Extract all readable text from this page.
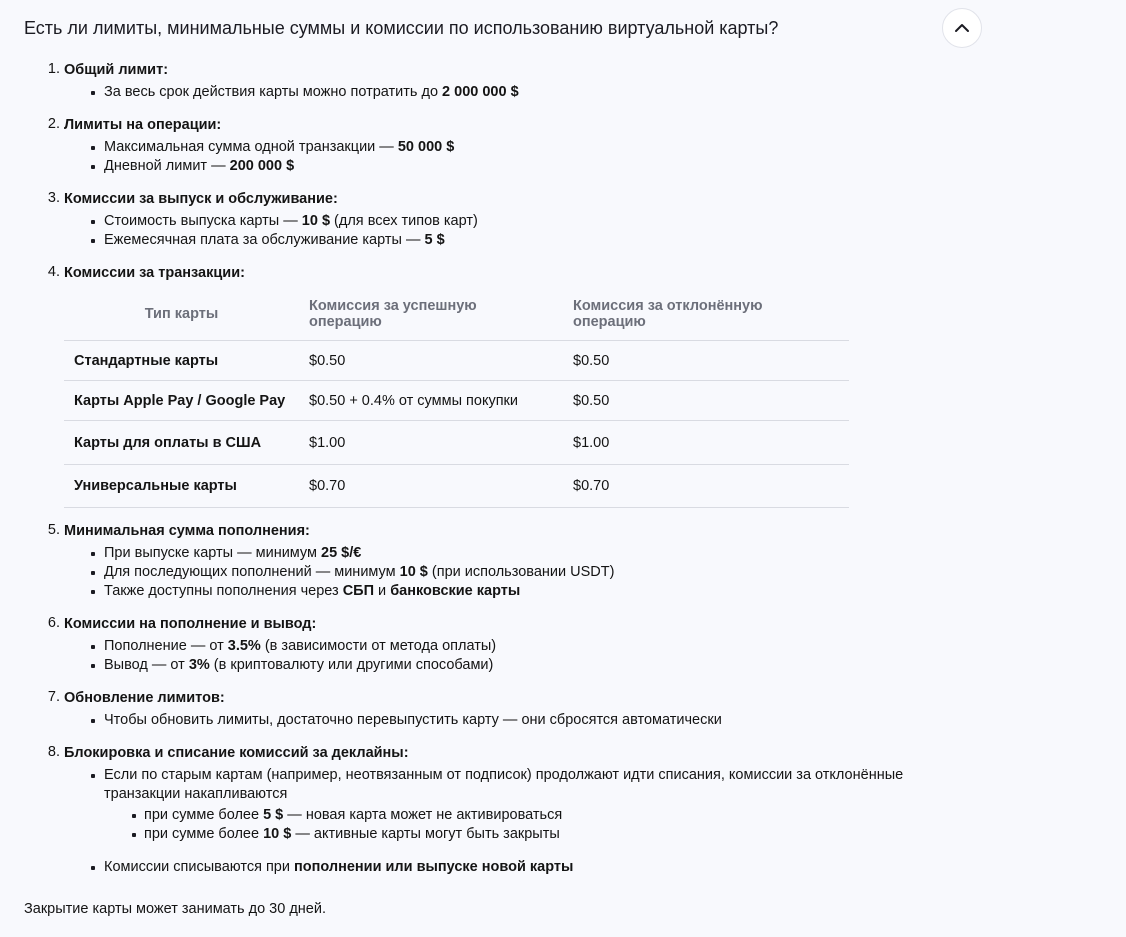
Есть ли лимиты, минимальные суммы и комиссии по использованию виртуальной карты?
1. Общий лимит:
За весь срок действия карты можно потратить до 2 000 000 $
2. Лимиты на операции:
Максимальная сумма одной транзакции — 50 000 $
Дневной лимит — 200 000 $
3. Комиссии за выпуск и обслуживание:
Стоимость выпуска карты — 10 $ (для всех типов карт)
Ежемесячная плата за обслуживание карты — 5 $
4. Комиссии за транзакции:
Тип карты	Комиссия за успешную операцию	Комиссия за отклонённую операцию
Стандартные карты	$0.50	$0.50
Карты Apple Pay / Google Pay	$0.50 + 0.4% от суммы покупки	$0.50
Карты для оплаты в США	$1.00	$1.00
Универсальные карты	$0.70	$0.70
5. Минимальная сумма пополнения:
При выпуске карты — минимум 25 $/€
Для последующих пополнений — минимум 10 $ (при использовании USDT)
Также доступны пополнения через СБП и банковские карты
6. Комиссии на пополнение и вывод:
Пополнение — от 3.5% (в зависимости от метода оплаты)
Вывод — от 3% (в криптовалюту или другими способами)
7. Обновление лимитов:
Чтобы обновить лимиты, достаточно перевыпустить карту — они сбросятся автоматически
8. Блокировка и списание комиссий за деклайны:
Если по старым картам (например, неотвязанным от подписок) продолжают идти списания, комиссии за отклонённые транзакции накапливаются
при сумме более 5 $ — новая карта может не активироваться
при сумме более 10 $ — активные карты могут быть закрыты
Комиссии списываются при пополнении или выпуске новой карты
Закрытие карты может занимать до 30 дней.
